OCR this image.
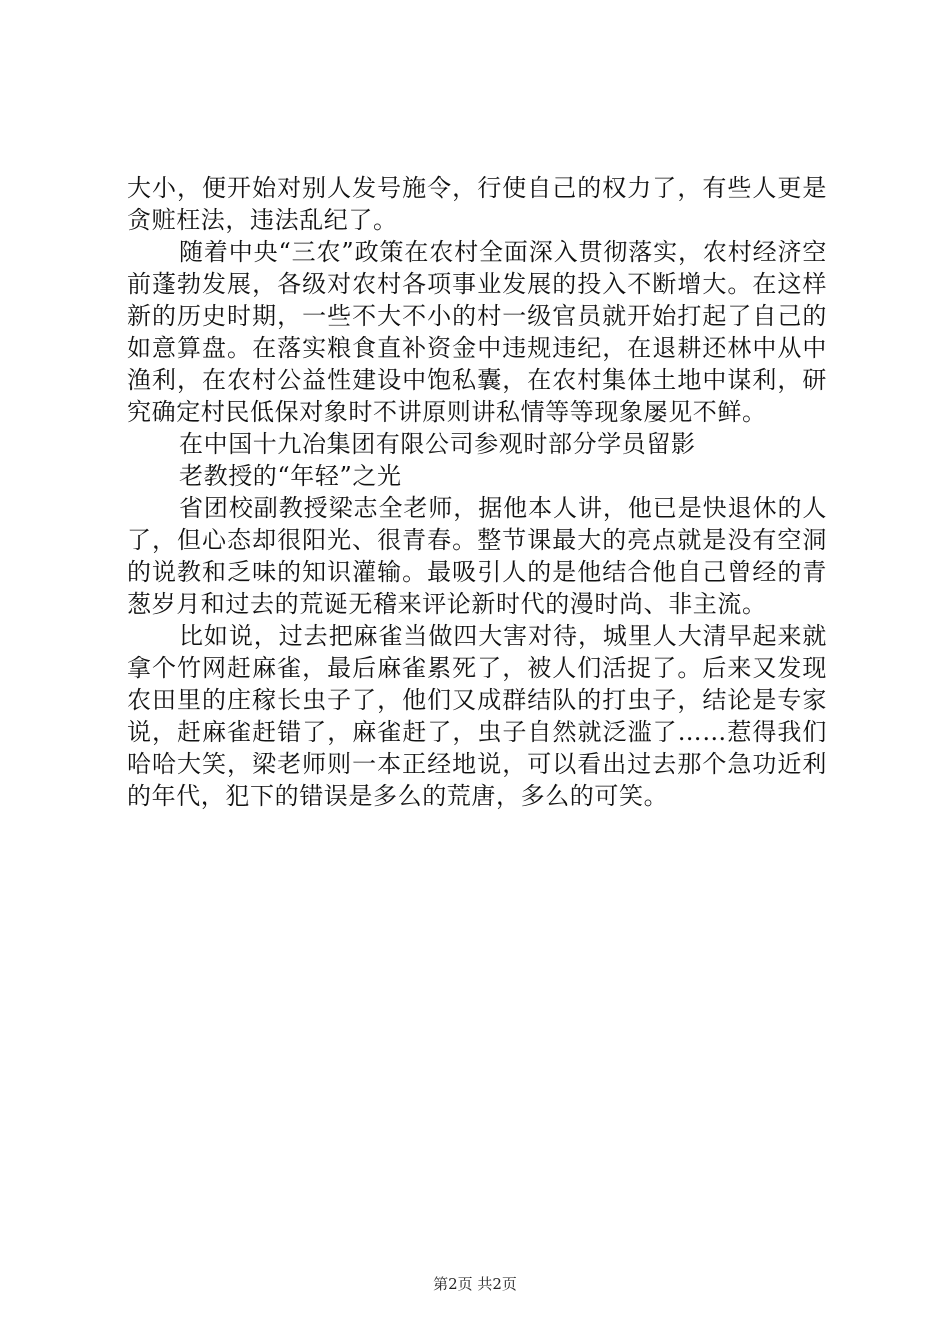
大小，便开始对别人发号施令，行使自己的权力了，有些人更是贪赃枉法，违法乱纪了。

随着中央“三农”政策在农村全面深入贯彻落实，农村经济空前蓬勃发展，各级对农村各项事业发展的投入不断增大。在这样新的历史时期，一些不大不小的村一级官员就开始打起了自己的如意算盘。在落实粮食直补资金中违规违纪，在退耕还林中从中渔利，在农村公益性建设中饱私囊，在农村集体土地中谋利，研究确定村民低保对象时不讲原则讲私情等等现象屡见不鲜。

在中国十九冶集团有限公司参观时部分学员留影

老教授的“年轻”之光

省团校副教授梁志全老师，据他本人讲，他已是快退休的人了，但心态却很阳光、很青春。整节课最大的亮点就是没有空洞的说教和乏味的知识灌输。最吸引人的是他结合他自己曾经的青葱岁月和过去的荒诞无稽来评论新时代的漫时尚、非主流。

比如说，过去把麻雀当做四大害对待，城里人大清早起来就拿个竹网赶麻雀，最后麻雀累死了，被人们活捉了。后来又发现农田里的庄稼长虫子了，他们又成群结队的打虫子，结论是专家说，赶麻雀赶错了，麻雀赶了，虫子自然就泛滥了……惹得我们哈哈大笑，梁老师则一本正经地说，可以看出过去那个急功近利的年代，犯下的错误是多么的荒唐，多么的可笑。

第2页 共2页
